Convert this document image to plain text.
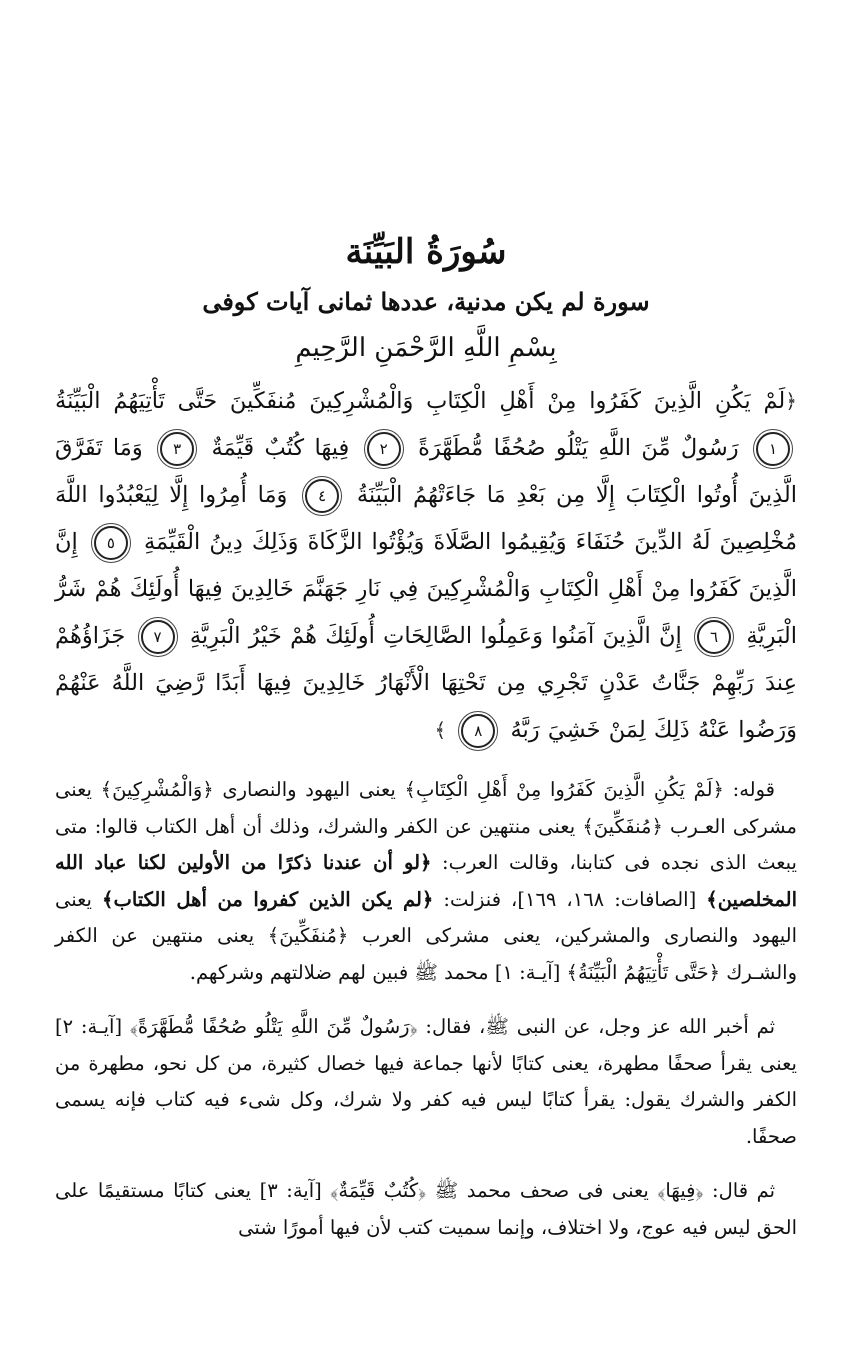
سُورَةُ البَيِّنَة

سورة لم يكن مدنية، عددها ثمانى آيات كوفى

بِسْمِ اللَّهِ الرَّحْمَنِ الرَّحِيمِ

﴿لَمْ يَكُنِ الَّذِينَ كَفَرُوا مِنْ أَهْلِ الْكِتَابِ وَالْمُشْرِكِينَ مُنفَكِّينَ حَتَّى تَأْتِيَهُمُ الْبَيِّنَةُ ١ رَسُولٌ مِّنَ اللَّهِ يَتْلُو صُحُفًا مُّطَهَّرَةً ٢ فِيهَا كُتُبٌ قَيِّمَةٌ ٣ وَمَا تَفَرَّقَ الَّذِينَ أُوتُوا الْكِتَابَ إِلَّا مِن بَعْدِ مَا جَاءَتْهُمُ الْبَيِّنَةُ ٤ وَمَا أُمِرُوا إِلَّا لِيَعْبُدُوا اللَّهَ مُخْلِصِينَ لَهُ الدِّينَ حُنَفَاءَ وَيُقِيمُوا الصَّلَاةَ وَيُؤْتُوا الزَّكَاةَ وَذَلِكَ دِينُ الْقَيِّمَةِ ٥ إِنَّ الَّذِينَ كَفَرُوا مِنْ أَهْلِ الْكِتَابِ وَالْمُشْرِكِينَ فِي نَارِ جَهَنَّمَ خَالِدِينَ فِيهَا أُولَئِكَ هُمْ شَرُّ الْبَرِيَّةِ ٦ إِنَّ الَّذِينَ آمَنُوا وَعَمِلُوا الصَّالِحَاتِ أُولَئِكَ هُمْ خَيْرُ الْبَرِيَّةِ ٧ جَزَاؤُهُمْ عِندَ رَبِّهِمْ جَنَّاتُ عَدْنٍ تَجْرِي مِن تَحْتِهَا الْأَنْهَارُ خَالِدِينَ فِيهَا أَبَدًا رَّضِيَ اللَّهُ عَنْهُمْ وَرَضُوا عَنْهُ ذَلِكَ لِمَنْ خَشِيَ رَبَّهُ ٨ ﴾

قوله: ﴿لَمْ يَكُنِ الَّذِينَ كَفَرُوا مِنْ أَهْلِ الْكِتَابِ﴾ يعنى اليهود والنصارى ﴿وَالْمُشْرِكِينَ﴾ يعنى مشركى العـرب ﴿مُنفَكِّينَ﴾ يعنى منتهين عن الكفر والشرك، وذلك أن أهل الكتاب قالوا: متى يبعث الذى نجده فى كتابنا، وقالت العرب: ﴿لو أن عندنا ذكرًا من الأولين لكنا عباد الله المخلصين﴾ [الصافات: ١٦٨، ١٦٩]، فنزلت: ﴿لم يكن الذين كفروا من أهل الكتاب﴾ يعنى اليهود والنصارى والمشركين، يعنى مشركى العرب ﴿مُنفَكِّينَ﴾ يعنى منتهين عن الكفر والشـرك ﴿حَتَّى تَأْتِيَهُمُ الْبَيِّنَةُ﴾ [آيـة: ١] محمد ﷺ فبين لهم ضلالتهم وشركهم.

ثم أخبر الله عز وجل، عن النبى ﷺ، فقال: ﴿رَسُولٌ مِّنَ اللَّهِ يَتْلُو صُحُفًا مُّطَهَّرَةً﴾ [آيـة: ٢] يعنى يقرأ صحفًا مطهرة، يعنى كتابًا لأنها جماعة فيها خصال كثيرة، من كل نحو، مطهرة من الكفر والشرك يقول: يقرأ كتابًا ليس فيه كفر ولا شرك، وكل شىء فيه كتاب فإنه يسمى صحفًا.

ثم قال: ﴿فِيهَا﴾ يعنى فى صحف محمد ﷺ ﴿كُتُبٌ قَيِّمَةٌ﴾ [آية: ٣] يعنى كتابًا مستقيمًا على الحق ليس فيه عوج، ولا اختلاف، وإنما سميت كتب لأن فيها أمورًا شتى
